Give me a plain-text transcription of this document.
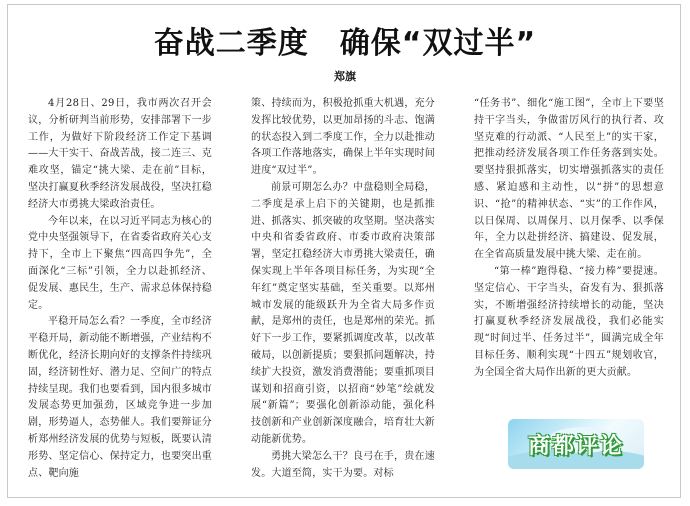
奋战二季度　确保“双过半”
郑旗

4月28日、29日，我市两次召开会议，分析研判当前形势，安排部署下一步工作，为做好下阶段经济工作定下基调——大干实干、奋战苦战，接二连三、克难攻坚，锚定“挑大梁、走在前”目标，坚决打赢夏秋季经济发展战役，坚决扛稳经济大市勇挑大梁政治责任。

今年以来，在以习近平同志为核心的党中央坚强领导下，在省委省政府关心支持下，全市上下聚焦“四高四争先”，全面深化“三标”引领，全力以赴抓经济、促发展、惠民生，生产、需求总体保持稳定。

平稳开局怎么看？一季度，全市经济平稳开局，新动能不断增强，产业结构不断优化，经济长期向好的支撑条件持续巩固，经济韧性好、潜力足、空间广的特点持续呈现。我们也要看到，国内很多城市发展态势更加强劲，区域竞争进一步加剧，形势逼人，态势催人。我们要辩证分析郑州经济发展的优势与短板，既要认清形势、坚定信心、保持定力，也要突出重点、靶向施

策、持续而为，积极抢抓重大机遇，充分发挥比较优势，以更加昂扬的斗志、饱满的状态投入到二季度工作，全力以赴推动各项工作落地落实，确保上半年实现时间进度“双过半”。

前景可期怎么办？中盘稳则全局稳，二季度是承上启下的关键期，也是抓推进、抓落实、抓突破的攻坚期。坚决落实中央和省委省政府、市委市政府决策部署，坚定扛稳经济大市勇挑大梁责任，确保实现上半年各项目标任务，为实现“全年红”奠定坚实基础，至关重要。以郑州城市发展的能级跃升为全省大局多作贡献，是郑州的责任，也是郑州的荣光。抓好下一步工作，要紧抓调度改革，以改革破局，以创新提质；要狠抓问题解决，持续扩大投资，激发消费潜能；要重抓项目谋划和招商引资，以招商“妙笔”绘就发展“新篇”；要强化创新添动能，强化科技创新和产业创新深度融合，培育壮大新动能新优势。

勇挑大梁怎么干？良弓在手，贵在速发。大道至简，实干为要。对标

“任务书”、细化“施工图”，全市上下要坚持干字当头，争做雷厉风行的执行者、攻坚克难的行动派、“人民至上”的实干家，把推动经济发展各项工作任务落到实处。要坚持狠抓落实，切实增强抓落实的责任感、紧迫感和主动性，以“拼”的思想意识、“抢”的精神状态、“实”的工作作风，以日保周、以周保月、以月保季、以季保年，全力以赴拼经济、搞建设、促发展，在全省高质量发展中挑大梁、走在前。

“第一棒”跑得稳、“接力棒”要提速。坚定信心、干字当头，奋发有为、狠抓落实，不断增强经济持续增长的动能，坚决打赢夏秋季经济发展战役，我们必能实现“时间过半、任务过半”，圆满完成全年目标任务、顺利实现“十四五”规划收官，为全国全省大局作出新的更大贡献。

商都评论
